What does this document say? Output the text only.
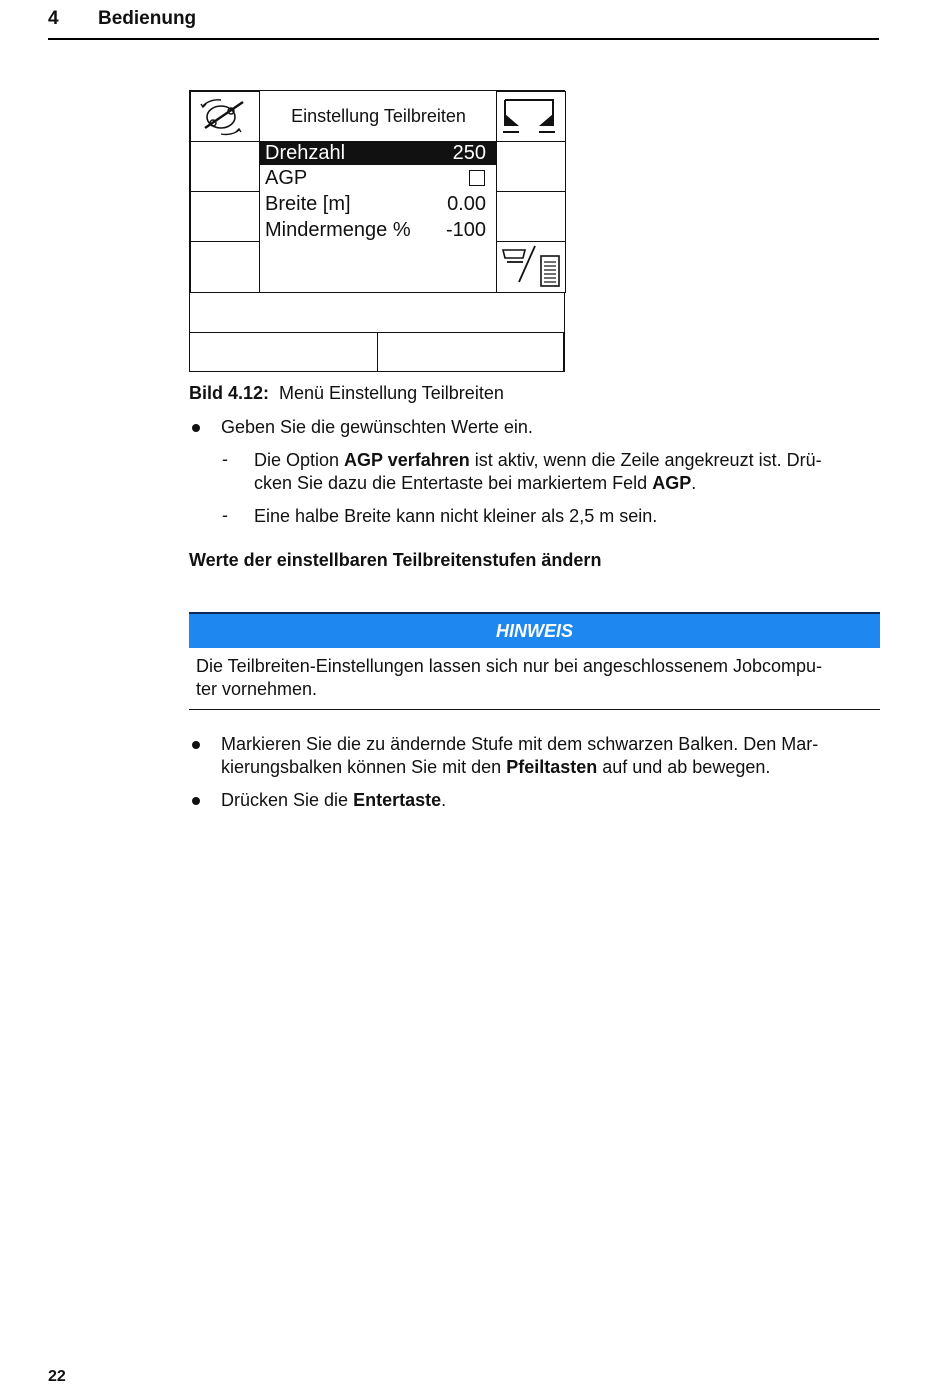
4 Bedienung
Einstellung Teilbreiten
Drehzahl	250
AGP
Breite [m]	0.00
Mindermenge % -100
Bild 4.12: Menü Einstellung Teilbreiten
Geben Sie die gewünschten Werte ein.
- Die Option AGP verfahren ist aktiv, wenn die Zeile angekreuzt ist. Drü-
cken Sie dazu die Entertaste bei markiertem Feld AGP.
- Eine halbe Breite kann nicht kleiner als 2,5 m sein.
Werte der einstellbaren Teilbreitenstufen ändern
HINWEIS
Die Teilbreiten-Einstellungen lassen sich nur bei angeschlossenem Jobcompu-
ter vornehmen.
Markieren Sie die zu ändernde Stufe mit dem schwarzen Balken. Den Mar-
kierungsbalken können Sie mit den Pfeiltasten auf und ab bewegen.
Drücken Sie die Entertaste.
22
